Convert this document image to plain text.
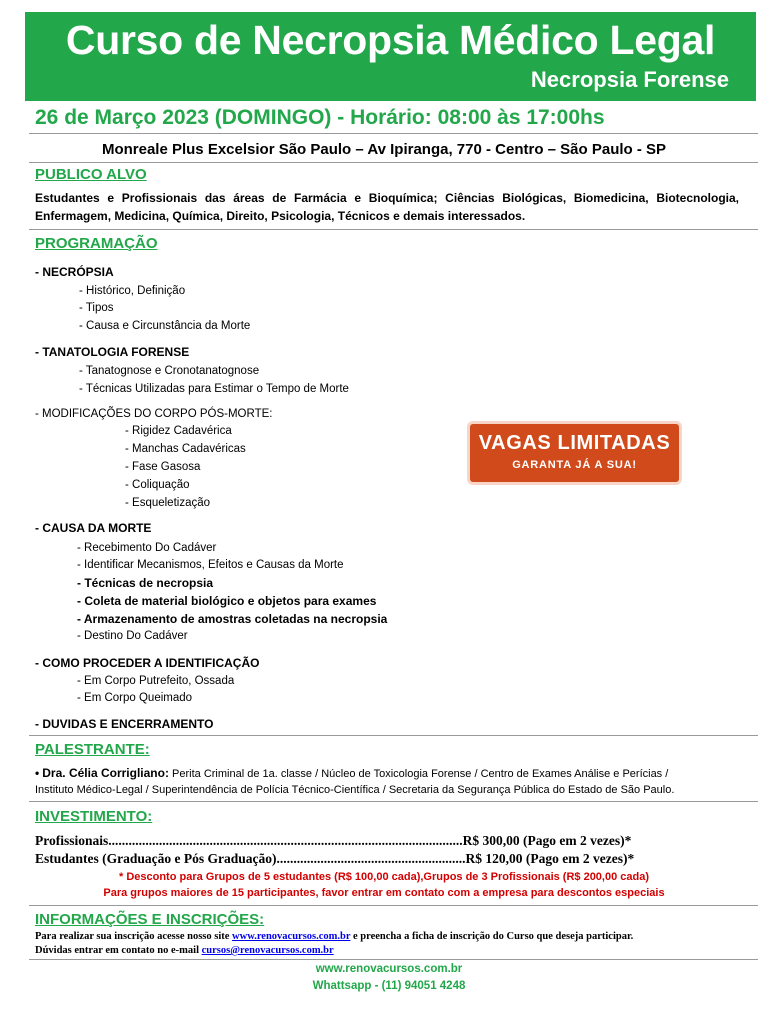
Curso de Necropsia Médico Legal
Necropsia Forense
26 de Março 2023 (DOMINGO) - Horário: 08:00 às 17:00hs
Monreale Plus Excelsior São Paulo – Av Ipiranga, 770 - Centro – São Paulo - SP
PUBLICO ALVO
Estudantes e Profissionais das áreas de Farmácia e Bioquímica; Ciências Biológicas, Biomedicina, Biotecnologia, Enfermagem, Medicina, Química, Direito, Psicologia, Técnicos e demais interessados.
PROGRAMAÇÃO
- NECRÓPSIA
- Histórico, Definição
- Tipos
- Causa e Circunstância da Morte
- TANATOLOGIA FORENSE
- Tanatognose e Cronotanatognose
- Técnicas Utilizadas para Estimar o Tempo de Morte
- MODIFICAÇÕES DO CORPO PÓS-MORTE:
- Rigidez Cadavérica
- Manchas Cadavéricas
- Fase Gasosa
- Coliquação
- Esqueletização
- CAUSA DA MORTE
- Recebimento Do Cadáver
- Identificar Mecanismos, Efeitos e Causas da Morte
- Técnicas de necropsia
- Coleta de material biológico e objetos para exames
- Armazenamento de amostras coletadas na necropsia
- Destino Do Cadáver
- COMO PROCEDER A IDENTIFICAÇÃO
- Em Corpo Putrefeito, Ossada
- Em Corpo Queimado
- DUVIDAS E ENCERRAMENTO
VAGAS LIMITADAS
GARANTA JÁ A SUA!
PALESTRANTE:
• Dra. Célia Corrigliano: Perita Criminal de 1a. classe / Núcleo de Toxicologia Forense / Centro de Exames Análise e Perícias /
Instituto Médico-Legal / Superintendência de Polícia Técnico-Científica / Secretaria da Segurança Pública do Estado de São Paulo.
INVESTIMENTO:
Profissionais.........................................................................................................R$ 300,00 (Pago em 2 vezes)*
Estudantes (Graduação e Pós Graduação)........................................................R$ 120,00 (Pago em 2 vezes)*
* Desconto para Grupos de 5 estudantes (R$ 100,00 cada),Grupos de 3 Profissionais (R$ 200,00 cada)
Para grupos maiores de 15 participantes, favor entrar em contato com a empresa para descontos especiais
INFORMAÇÕES E INSCRIÇÕES:
Para realizar sua inscrição acesse nosso site www.renovacursos.com.br e preencha a ficha de inscrição do Curso que deseja participar.
Dúvidas entrar em contato no e-mail cursos@renovacursos.com.br
www.renovacursos.com.br
Whattsapp - (11) 94051 4248
